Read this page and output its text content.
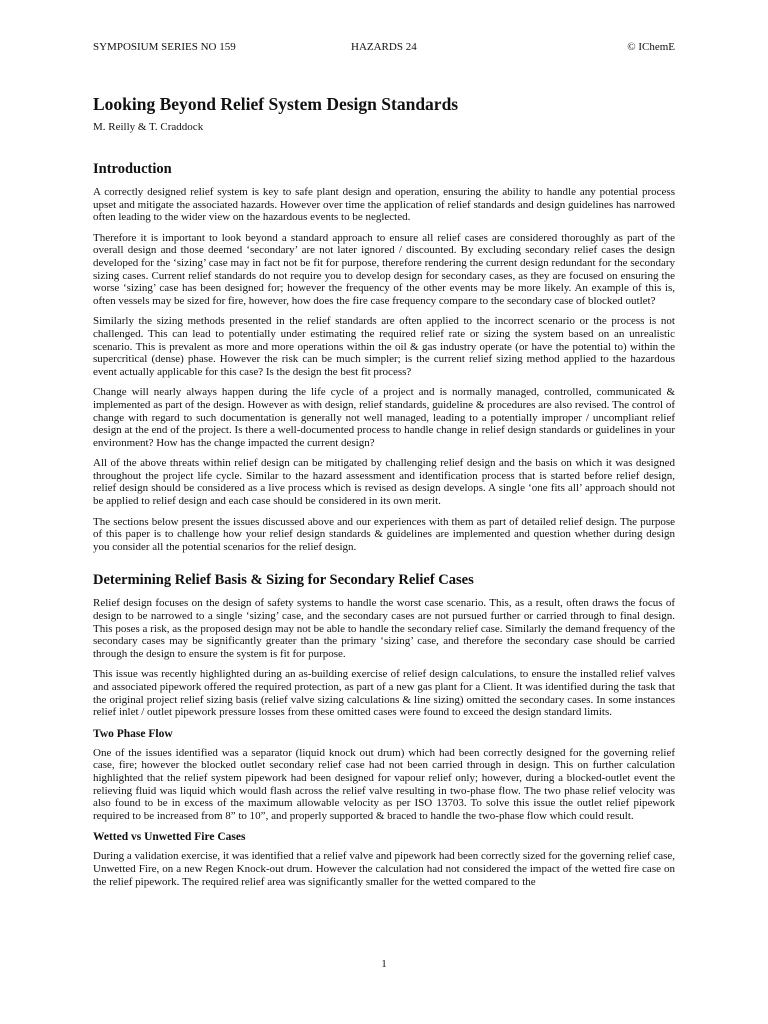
SYMPOSIUM SERIES NO 159	HAZARDS 24	© IChemE
Looking Beyond Relief System Design Standards

M. Reilly & T. Craddock

Introduction

A correctly designed relief system is key to safe plant design and operation, ensuring the ability to handle any potential process upset and mitigate the associated hazards. However over time the application of relief standards and design guidelines has narrowed often leading to the wider view on the hazardous events to be neglected.

Therefore it is important to look beyond a standard approach to ensure all relief cases are considered thoroughly as part of the overall design and those deemed ‘secondary’ are not later ignored / discounted. By excluding secondary relief cases the design developed for the ‘sizing’ case may in fact not be fit for purpose, therefore rendering the current design redundant for the secondary sizing cases. Current relief standards do not require you to develop design for secondary cases, as they are focused on ensuring the worse ‘sizing’ case has been designed for; however the frequency of the other events may be more likely. An example of this is, often vessels may be sized for fire, however, how does the fire case frequency compare to the secondary case of blocked outlet?

Similarly the sizing methods presented in the relief standards are often applied to the incorrect scenario or the process is not challenged. This can lead to potentially under estimating the required relief rate or sizing the system based on an unrealistic scenario. This is prevalent as more and more operations within the oil & gas industry operate (or have the potential to) within the supercritical (dense) phase. However the risk can be much simpler; is the current relief sizing method applied to the hazardous event actually applicable for this case? Is the design the best fit process?

Change will nearly always happen during the life cycle of a project and is normally managed, controlled, communicated & implemented as part of the design. However as with design, relief standards, guideline & procedures are also revised. The control of change with regard to such documentation is generally not well managed, leading to a potentially improper / uncompliant relief design at the end of the project. Is there a well-documented process to handle change in relief design standards or guidelines in your environment? How has the change impacted the current design?

All of the above threats within relief design can be mitigated by challenging relief design and the basis on which it was designed throughout the project life cycle. Similar to the hazard assessment and identification process that is started before relief design, relief design should be considered as a live process which is revised as design develops. A single ‘one fits all’ approach should not be applied to relief design and each case should be considered in its own merit.

The sections below present the issues discussed above and our experiences with them as part of detailed relief design. The purpose of this paper is to challenge how your relief design standards & guidelines are implemented and question whether during design you consider all the potential scenarios for the relief design.

Determining Relief Basis & Sizing for Secondary Relief Cases

Relief design focuses on the design of safety systems to handle the worst case scenario. This, as a result, often draws the focus of design to be narrowed to a single ‘sizing’ case, and the secondary cases are not pursued further or carried through to final design. This poses a risk, as the proposed design may not be able to handle the secondary relief case. Similarly the demand frequency of the secondary cases may be significantly greater than the primary ‘sizing’ case, and therefore the secondary case should be carried through the design to ensure the system is fit for purpose.

This issue was recently highlighted during an as-building exercise of relief design calculations, to ensure the installed relief valves and associated pipework offered the required protection, as part of a new gas plant for a Client. It was identified during the task that the original project relief sizing basis (relief valve sizing calculations & line sizing) omitted the secondary cases. In some instances relief inlet / outlet pipework pressure losses from these omitted cases were found to exceed the design standard limits.

Two Phase Flow

One of the issues identified was a separator (liquid knock out drum) which had been correctly designed for the governing relief case, fire; however the blocked outlet secondary relief case had not been carried through in design. This on further calculation highlighted that the relief system pipework had been designed for vapour relief only; however, during a blocked-outlet event the relieving fluid was liquid which would flash across the relief valve resulting in two-phase flow. The two phase relief velocity was also found to be in excess of the maximum allowable velocity as per ISO 13703. To solve this issue the outlet relief pipework required to be increased from 8” to 10”, and properly supported & braced to handle the two-phase flow which could result.

Wetted vs Unwetted Fire Cases

During a validation exercise, it was identified that a relief valve and pipework had been correctly sized for the governing relief case, Unwetted Fire, on a new Regen Knock-out drum. However the calculation had not considered the impact of the wetted fire case on the relief pipework. The required relief area was significantly smaller for the wetted compared to the

1
